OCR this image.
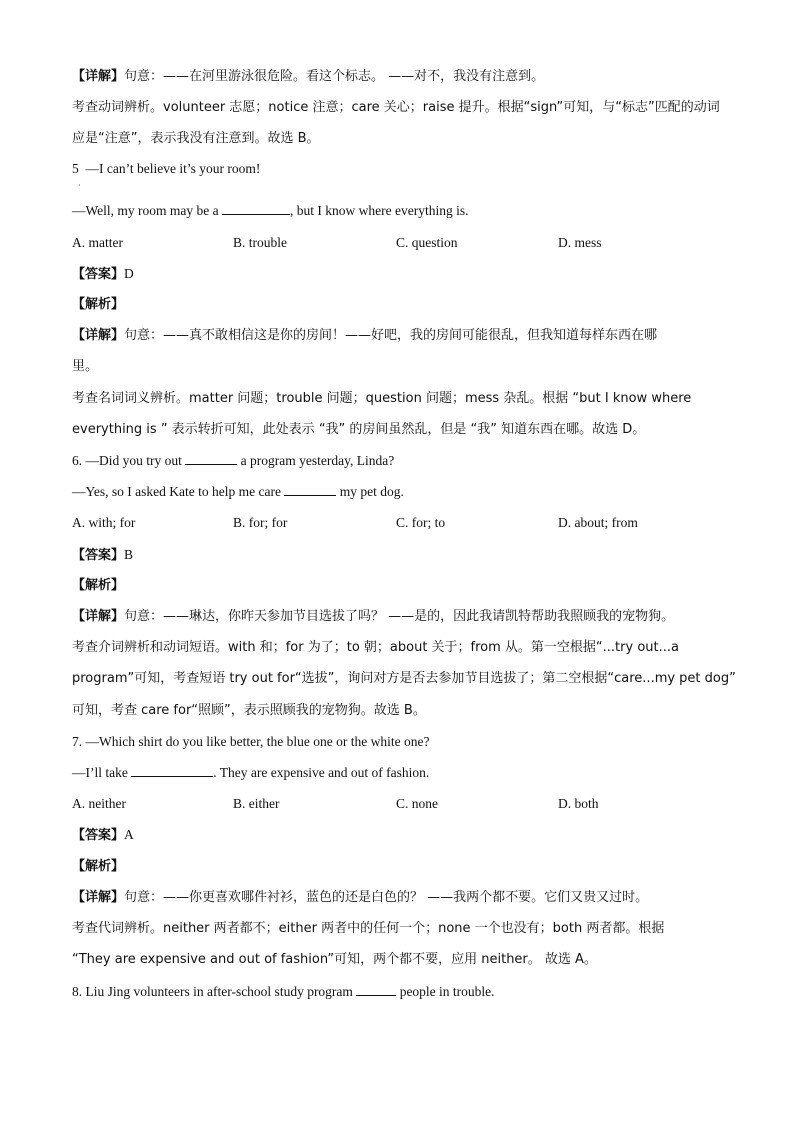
【详解】句意：——在河里游泳很危险。看这个标志。 ——对不，我没有注意到。
考查动词辨析。volunteer 志愿；notice 注意；care 关心；raise 提升。根据“sign”可知，与“标志”匹配的动词
应是“注意”，表示我没有注意到。故选 B。
5 —I can’t believe it’s your room!
·
—Well, my room may be a	, but I know where everything is.
A. matter	B. trouble	C. question	D. mess
【答案】D
【解析】
【详解】句意：——真不敢相信这是你的房间！——好吧，我的房间可能很乱，但我知道每样东西在哪
里。
考查名词词义辨析。matter 问题；trouble 问题；question 问题；mess 杂乱。根据 “but I know where
everything is ” 表示转折可知，此处表示 “我” 的房间虽然乱，但是 “我” 知道东西在哪。故选 D。
6. —Did you try out	a program yesterday, Linda?
—Yes, so I asked Kate to help me care	my pet dog.
A. with; for	B. for; for	C. for; to	D. about; from
【答案】B
【解析】
【详解】句意：——琳达，你昨天参加节目选拔了吗？ ——是的，因此我请凯特帮助我照顾我的宠物狗。
考查介词辨析和动词短语。with 和；for 为了；to 朝；about 关于；from 从。第一空根据“...try out...a
program”可知，考查短语 try out for“选拔”，询问对方是否去参加节目选拔了；第二空根据“care...my pet dog”
可知，考查 care for“照顾”，表示照顾我的宠物狗。故选 B。
7. —Which shirt do you like better, the blue one or the white one?
—I’ll take	. They are expensive and out of fashion.
A. neither	B. either	C. none	D. both
【答案】A
【解析】
【详解】句意：——你更喜欢哪件衬衫，蓝色的还是白色的？ ——我两个都不要。它们又贵又过时。
考查代词辨析。neither 两者都不；either 两者中的任何一个；none 一个也没有；both 两者都。根据
“They are expensive and out of fashion”可知，两个都不要，应用 neither。 故选 A。
8. Liu Jing volunteers in after-school study program	people in trouble.
